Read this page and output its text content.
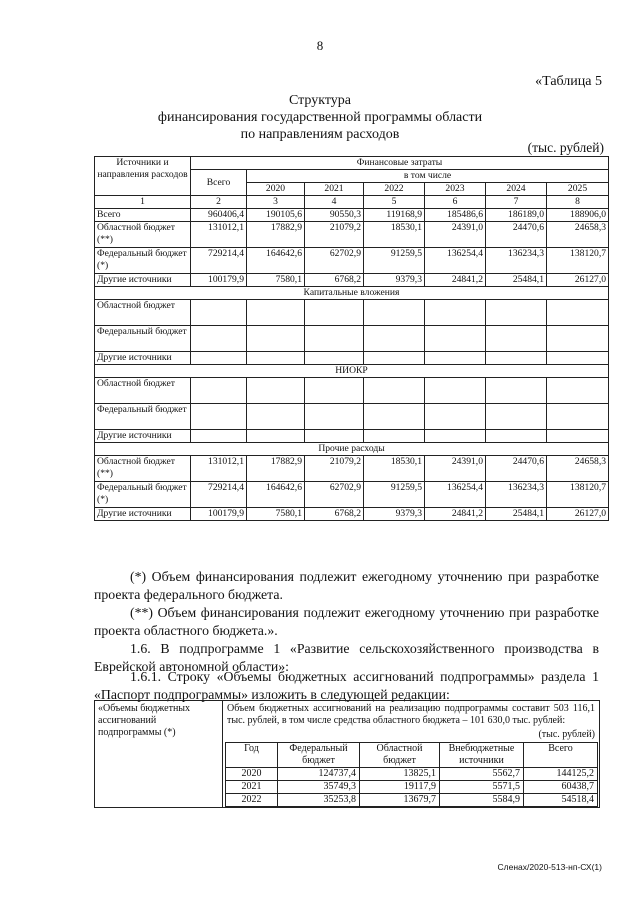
8
«Таблица 5
Структура
финансирования государственной программы области
по направлениям расходов
(тыс. рублей)
Источники и направления расходов	Финансовые затраты						
	Всего	в том числе					
		2020	2021	2022	2023	2024	2025
1	2	3	4	5	6	7	8
Всего	960406,4	190105,6	90550,3	119168,9	185486,6	186189,0	188906,0
Областной бюджет (**)	131012,1	17882,9	21079,2	18530,1	24391,0	24470,6	24658,3
Федеральный бюджет (*)	729214,4	164642,6	62702,9	91259,5	136254,4	136234,3	138120,7
Другие источники	100179,9	7580,1	6768,2	9379,3	24841,2	25484,1	26127,0
Капитальные вложения							
Областной бюджет							
Федеральный бюджет							
Другие источники							
НИОКР							
Областной бюджет							
Федеральный бюджет							
Другие источники							
Прочие расходы							
Областной бюджет (**)	131012,1	17882,9	21079,2	18530,1	24391,0	24470,6	24658,3
Федеральный бюджет (*)	729214,4	164642,6	62702,9	91259,5	136254,4	136234,3	138120,7
Другие источники	100179,9	7580,1	6768,2	9379,3	24841,2	25484,1	26127,0
(*) Объем финансирования подлежит ежегодному уточнению при разработке проекта федерального бюджета.
(**) Объем финансирования подлежит ежегодному уточнению при разработке проекта областного бюджета.».
1.6. В подпрограмме 1 «Развитие сельскохозяйственного производства в Еврейской автономной области»:
1.6.1. Строку «Объемы бюджетных ассигнований подпрограммы» раздела 1 «Паспорт подпрограммы» изложить в следующей редакции:
«Объемы бюджетных ассигнований подпрограммы (*)	
Объем бюджетных ассигнований на реализацию подпрограммы составит 503 116,1 тыс. рублей, в том числе средства областного бюджета – 101 630,0 тыс. рублей:
(тыс. рублей)
Год	Федеральный бюджет	Областной бюджет	Внебюджетные источники	Всего
2020	124737,4	13825,1	5562,7	144125,2
2021	35749,3	19117,9	5571,5	60438,7
2022	35253,8	13679,7	5584,9	54518,4
Сленах/2020-513-нп-СХ(1)
